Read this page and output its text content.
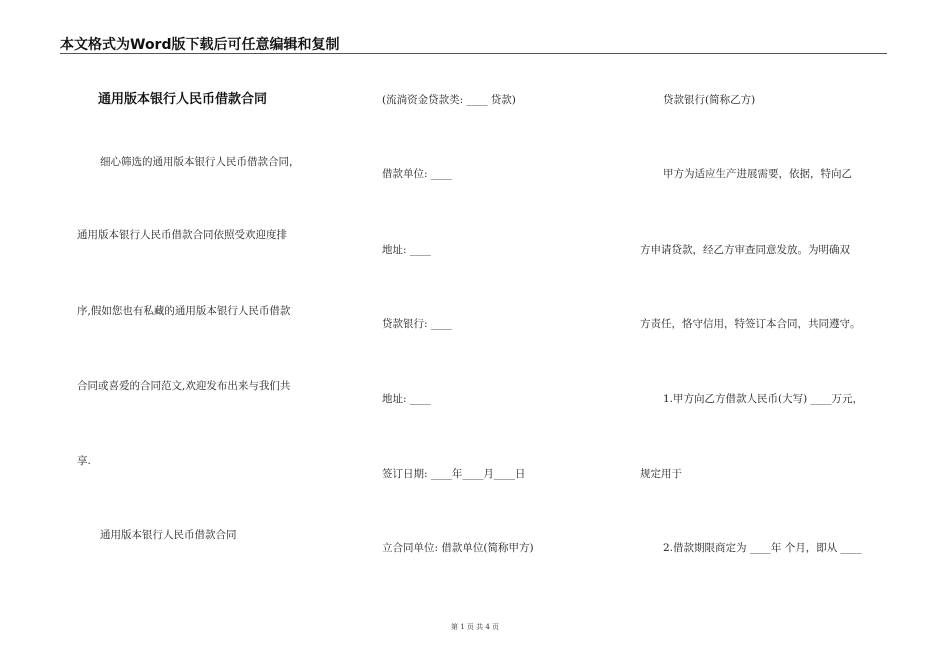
本文格式为Word版下载后可任意编辑和复制

通用版本银行人民币借款合同

细心筛选的通用版本银行人民币借款合同，

通用版本银行人民币借款合同依照受欢迎度排

序,假如您也有私藏的通用版本银行人民币借款

合同或喜爱的合同范文,欢迎发布出来与我们共

享.

通用版本银行人民币借款合同

(流淌资金贷款类: ____ 贷款)

借款单位: ____

地址: ____

贷款银行: ____

地址: ____

签订日期: ____年____月____日

立合同单位: 借款单位(简称甲方)

贷款银行(简称乙方)

甲方为适应生产进展需要，依据，特向乙

方申请贷款，经乙方审查同意发放。为明确双

方责任，恪守信用，特签订本合同，共同遵守。

1.甲方向乙方借款人民币(大写) ____万元，

规定用于

2.借款期限商定为 ____年 个月，即从 ____

第 1 页 共 4 页
